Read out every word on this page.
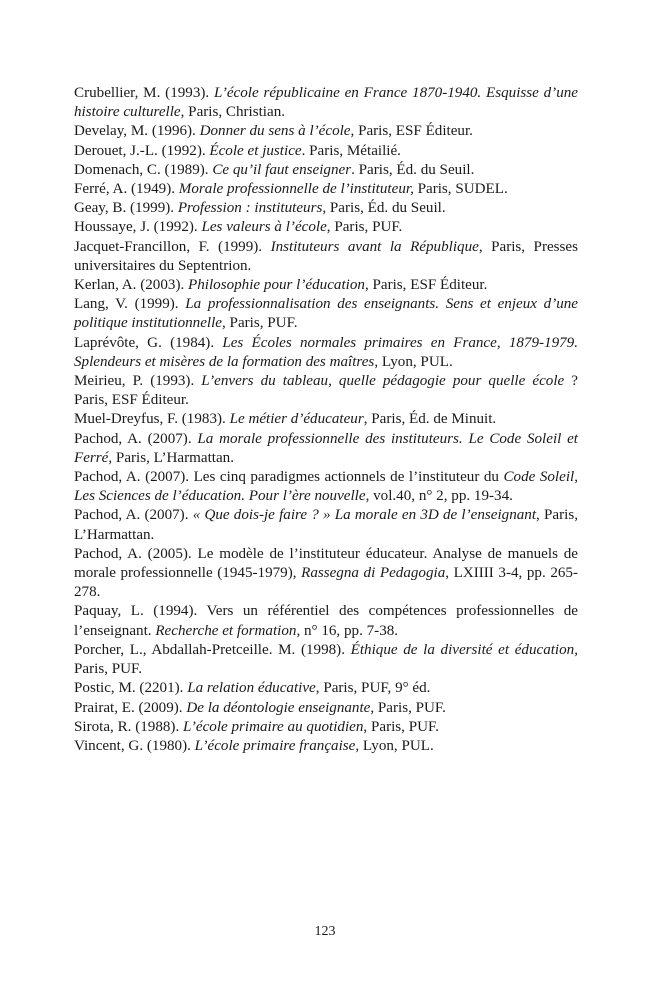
Crubellier, M. (1993). L’école républicaine en France 1870-1940. Esquisse d’une histoire culturelle, Paris, Christian.

Develay, M. (1996). Donner du sens à l’école, Paris, ESF Éditeur.

Derouet, J.-L. (1992). École et justice. Paris, Métailié.

Domenach, C. (1989). Ce qu’il faut enseigner. Paris, Éd. du Seuil.

Ferré, A. (1949). Morale professionnelle de l’instituteur, Paris, SUDEL.

Geay, B. (1999). Profession : instituteurs, Paris, Éd. du Seuil.

Houssaye, J. (1992). Les valeurs à l’école, Paris, PUF.

Jacquet-Francillon, F. (1999). Instituteurs avant la République, Paris, Presses universitaires du Septentrion.

Kerlan, A. (2003). Philosophie pour l’éducation, Paris, ESF Éditeur.

Lang, V. (1999). La professionnalisation des enseignants. Sens et enjeux d’une politique institutionnelle, Paris, PUF.

Laprévôte, G. (1984). Les Écoles normales primaires en France, 1879-1979. Splendeurs et misères de la formation des maîtres, Lyon, PUL.

Meirieu, P. (1993). L’envers du tableau, quelle pédagogie pour quelle école ? Paris, ESF Éditeur.

Muel-Dreyfus, F. (1983). Le métier d’éducateur, Paris, Éd. de Minuit.

Pachod, A. (2007). La morale professionnelle des instituteurs. Le Code Soleil et Ferré, Paris, L’Harmattan.

Pachod, A. (2007). Les cinq paradigmes actionnels de l’instituteur du Code Soleil, Les Sciences de l’éducation. Pour l’ère nouvelle, vol.40, n° 2, pp. 19-34.

Pachod, A. (2007). « Que dois-je faire ? » La morale en 3D de l’enseignant, Paris, L’Harmattan.

Pachod, A. (2005). Le modèle de l’instituteur éducateur. Analyse de manuels de morale professionnelle (1945-1979), Rassegna di Pedagogia, LXIIII 3-4, pp. 265-278.

Paquay, L. (1994). Vers un référentiel des compétences professionnelles de l’enseignant. Recherche et formation, n° 16, pp. 7-38.

Porcher, L., Abdallah-Pretceille. M. (1998). Éthique de la diversité et éducation, Paris, PUF.

Postic, M. (2201). La relation éducative, Paris, PUF, 9° éd.

Prairat, E. (2009). De la déontologie enseignante, Paris, PUF.

Sirota, R. (1988). L’école primaire au quotidien, Paris, PUF.

Vincent, G. (1980). L’école primaire française, Lyon, PUL.

123
